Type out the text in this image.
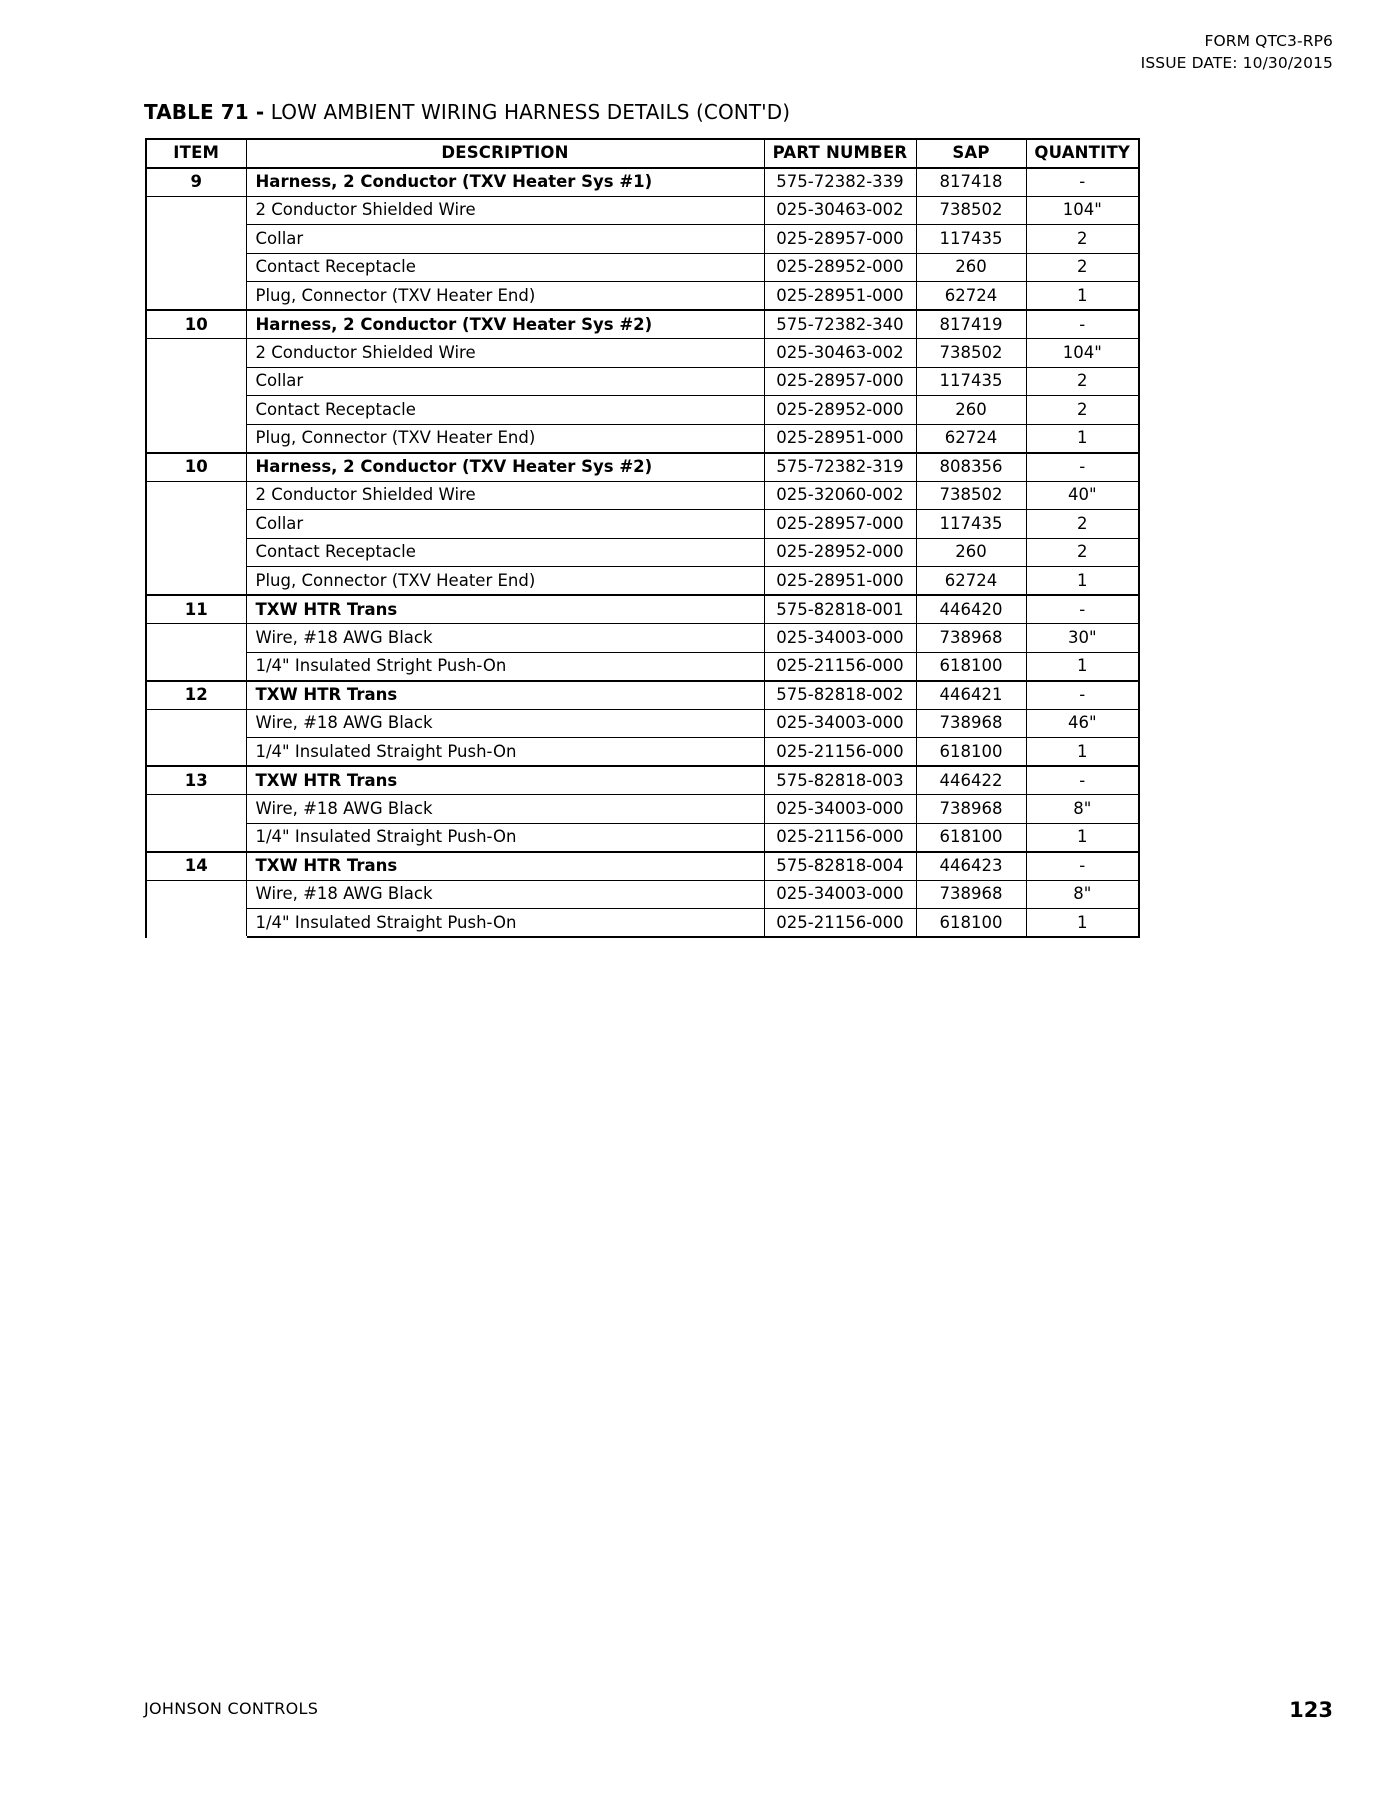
FORM QTC3-RP6
ISSUE DATE: 10/30/2015
TABLE 71 - LOW AMBIENT WIRING HARNESS DETAILS (CONT'D)
ITEM	DESCRIPTION	PART NUMBER	SAP	QUANTITY
9	Harness, 2 Conductor (TXV Heater Sys #1)	575-72382-339	817418	-
	2 Conductor Shielded Wire	025-30463-002	738502	104"
	Collar	025-28957-000	117435	2
	Contact Receptacle	025-28952-000	260	2
	Plug, Connector (TXV Heater End)	025-28951-000	62724	1
10	Harness, 2 Conductor (TXV Heater Sys #2)	575-72382-340	817419	-
	2 Conductor Shielded Wire	025-30463-002	738502	104"
	Collar	025-28957-000	117435	2
	Contact Receptacle	025-28952-000	260	2
	Plug, Connector (TXV Heater End)	025-28951-000	62724	1
10	Harness, 2 Conductor (TXV Heater Sys #2)	575-72382-319	808356	-
	2 Conductor Shielded Wire	025-32060-002	738502	40"
	Collar	025-28957-000	117435	2
	Contact Receptacle	025-28952-000	260	2
	Plug, Connector (TXV Heater End)	025-28951-000	62724	1
11	TXW HTR Trans	575-82818-001	446420	-
	Wire, #18 AWG Black	025-34003-000	738968	30"
	1/4" Insulated Stright Push-On	025-21156-000	618100	1
12	TXW HTR Trans	575-82818-002	446421	-
	Wire, #18 AWG Black	025-34003-000	738968	46"
	1/4" Insulated Straight Push-On	025-21156-000	618100	1
13	TXW HTR Trans	575-82818-003	446422	-
	Wire, #18 AWG Black	025-34003-000	738968	8"
	1/4" Insulated Straight Push-On	025-21156-000	618100	1
14	TXW HTR Trans	575-82818-004	446423	-
	Wire, #18 AWG Black	025-34003-000	738968	8"
	1/4" Insulated Straight Push-On	025-21156-000	618100	1
JOHNSON CONTROLS	123
